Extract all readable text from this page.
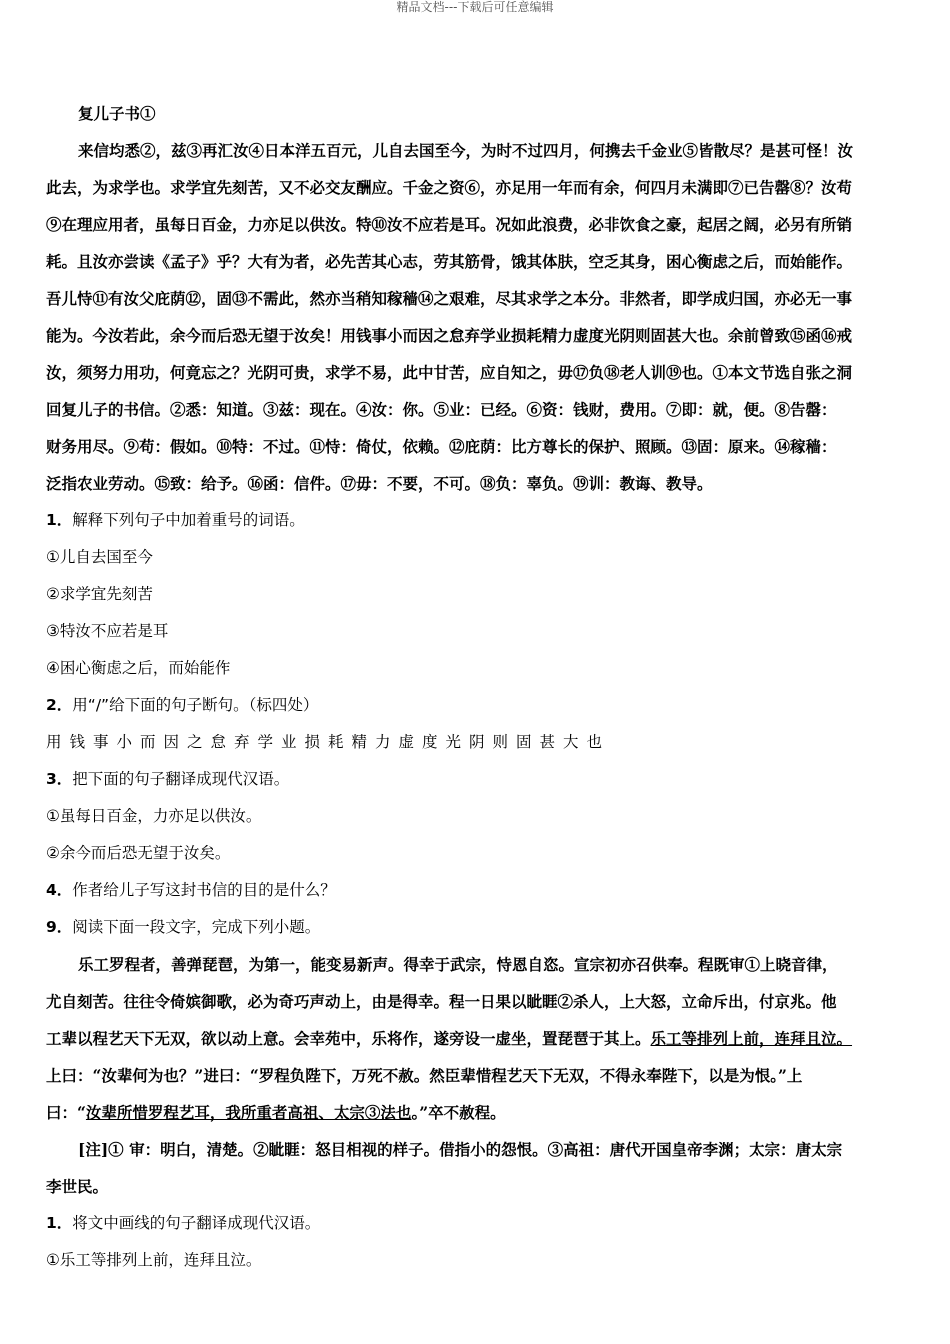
精品文档---下载后可任意编辑
复儿子书①
来信均悉②，兹③再汇汝④日本洋五百元，儿自去国至今，为时不过四月，何携去千金业⑤皆散尽？是甚可怪！汝
此去，为求学也。求学宜先刻苦，又不必交友酬应。千金之资⑥，亦足用一年而有余，何四月未满即⑦已告罄⑧？汝苟
⑨在理应用者，虽每日百金，力亦足以供汝。特⑩汝不应若是耳。况如此浪费，必非饮食之豪，起居之阔，必另有所销
耗。且汝亦尝读《孟子》乎？大有为者，必先苦其心志，劳其筋骨，饿其体肤，空乏其身，困心衡虑之后，而始能作。
吾儿恃⑪有汝父庇荫⑫，固⑬不需此，然亦当稍知稼穑⑭之艰难，尽其求学之本分。非然者，即学成归国，亦必无一事
能为。今汝若此，余今而后恐无望于汝矣！用钱事小而因之怠弃学业损耗精力虚度光阴则固甚大也。余前曾致⑮函⑯戒
汝，须努力用功，何竟忘之？光阴可贵，求学不易，此中甘苦，应自知之，毋⑰负⑱老人训⑲也。①本文节选自张之洞
回复儿子的书信。②悉：知道。③兹：现在。④汝：你。⑤业：已经。⑥资：钱财，费用。⑦即：就，便。⑧告罄：
财务用尽。⑨苟：假如。⑩特：不过。⑪恃：倚仗，依赖。⑫庇荫：比方尊长的保护、照顾。⑬固：原来。⑭稼穑：
泛指农业劳动。⑮致：给予。⑯函：信件。⑰毋：不要，不可。⑱负：辜负。⑲训：教诲、教导。
1．解释下列句子中加着重号的词语。
①儿自去 ·国至今
②求学宜 ·先刻苦
③特汝不应若是 ·耳
④困心衡虑之后，而始能作 ·
2．用“/”给下面的句子断句。（标四处）
用钱事小而因之怠弃学业损耗精力虚度光阴则固甚大也
3．把下面的句子翻译成现代汉语。
①虽每日百金，力亦足以供汝。
②余今而后恐无望于汝矣。
4．作者给儿子写这封书信的目的是什么？
9．阅读下面一段文字，完成下列小题。
乐工罗程者，善弹琵琶，为第一，能变易新声。得幸于武宗，恃恩自恣。宣宗初亦召供奉。程既审①上晓音律，
尤自刻苦。往往令倚嫔御歌，必为奇巧声动上，由是得幸。程一日果以眦睚②杀人，上大怒，立命斥出，付京兆。他
工辈以程艺天下无双，欲以动上意。会幸苑中，乐将作，遂旁设一虚坐，置琵琶于其上。乐工等排列上前，连拜且泣。
上曰：“汝辈何为也？”进曰：“罗程负陛下，万死不赦。然臣辈惜程艺天下无双，不得永奉陛下，以是为恨。”上
曰：“汝辈所惜罗程艺耳，我所重者高祖、太宗③法也。”卒不赦程。
[注]① 审：明白，清楚。②眦睚：怒目相视的样子。借指小的怨恨。③高祖：唐代开国皇帝李渊；太宗：唐太宗
李世民。
1．将文中画线的句子翻译成现代汉语。
①乐工等排列上前，连拜且泣。
